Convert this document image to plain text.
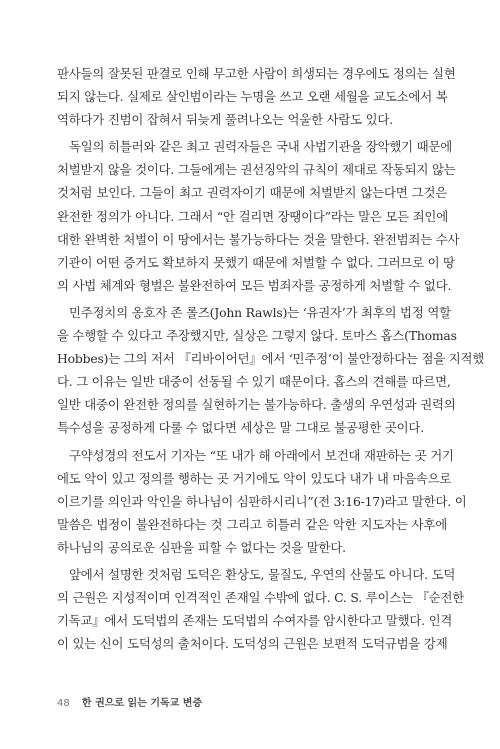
판사들의 잘못된 판결로 인해 무고한 사람이 희생되는 경우에도 정의는 실현
되지 않는다. 실제로 살인범이라는 누명을 쓰고 오랜 세월을 교도소에서 복
역하다가 진범이 잡혀서 뒤늦게 풀려나오는 억울한 사람도 있다.
독일의 히틀러와 같은 최고 권력자들은 국내 사법기관을 장악했기 때문에
처벌받지 않을 것이다. 그들에게는 권선징악의 규칙이 제대로 작동되지 않는
것처럼 보인다. 그들이 최고 권력자이기 때문에 처벌받지 않는다면 그것은
완전한 정의가 아니다. 그래서 “안 걸리면 장땡이다”라는 말은 모든 죄인에
대한 완벽한 처벌이 이 땅에서는 불가능하다는 것을 말한다. 완전범죄는 수사
기관이 어떤 증거도 확보하지 못했기 때문에 처벌할 수 없다. 그러므로 이 땅
의 사법 체계와 형벌은 불완전하여 모든 범죄자를 공정하게 처벌할 수 없다.
민주정치의 옹호자 존 롤즈(John Rawls)는 ‘유권자’가 최후의 법정 역할
을 수행할 수 있다고 주장했지만, 실상은 그렇지 않다. 토마스 홉스(Thomas
Hobbes)는 그의 저서 『리바이어던』에서 ‘민주정’이 불안정하다는 점을 지적했
다. 그 이유는 일반 대중이 선동될 수 있기 때문이다. 홉스의 견해를 따르면,
일반 대중이 완전한 정의를 실현하기는 불가능하다. 출생의 우연성과 권력의
특수성을 공정하게 다룰 수 없다면 세상은 말 그대로 불공평한 곳이다.
구약성경의 전도서 기자는 “또 내가 해 아래에서 보건대 재판하는 곳 거기
에도 악이 있고 정의를 행하는 곳 거기에도 악이 있도다 내가 내 마음속으로
이르기를 의인과 악인을 하나님이 심판하시리니”(전 3:16-17)라고 말한다. 이
말씀은 법정이 불완전하다는 것 그리고 히틀러 같은 악한 지도자는 사후에
하나님의 공의로운 심판을 피할 수 없다는 것을 말한다.
앞에서 설명한 것처럼 도덕은 환상도, 물질도, 우연의 산물도 아니다. 도덕
의 근원은 지성적이며 인격적인 존재일 수밖에 없다. C. S. 루이스는 『순전한
기독교』에서 도덕법의 존재는 도덕법의 수여자를 암시한다고 말했다. 인격
이 있는 신이 도덕성의 출처이다. 도덕성의 근원은 보편적 도덕규범을 강제
48 한 권으로 읽는 기독교 변증
